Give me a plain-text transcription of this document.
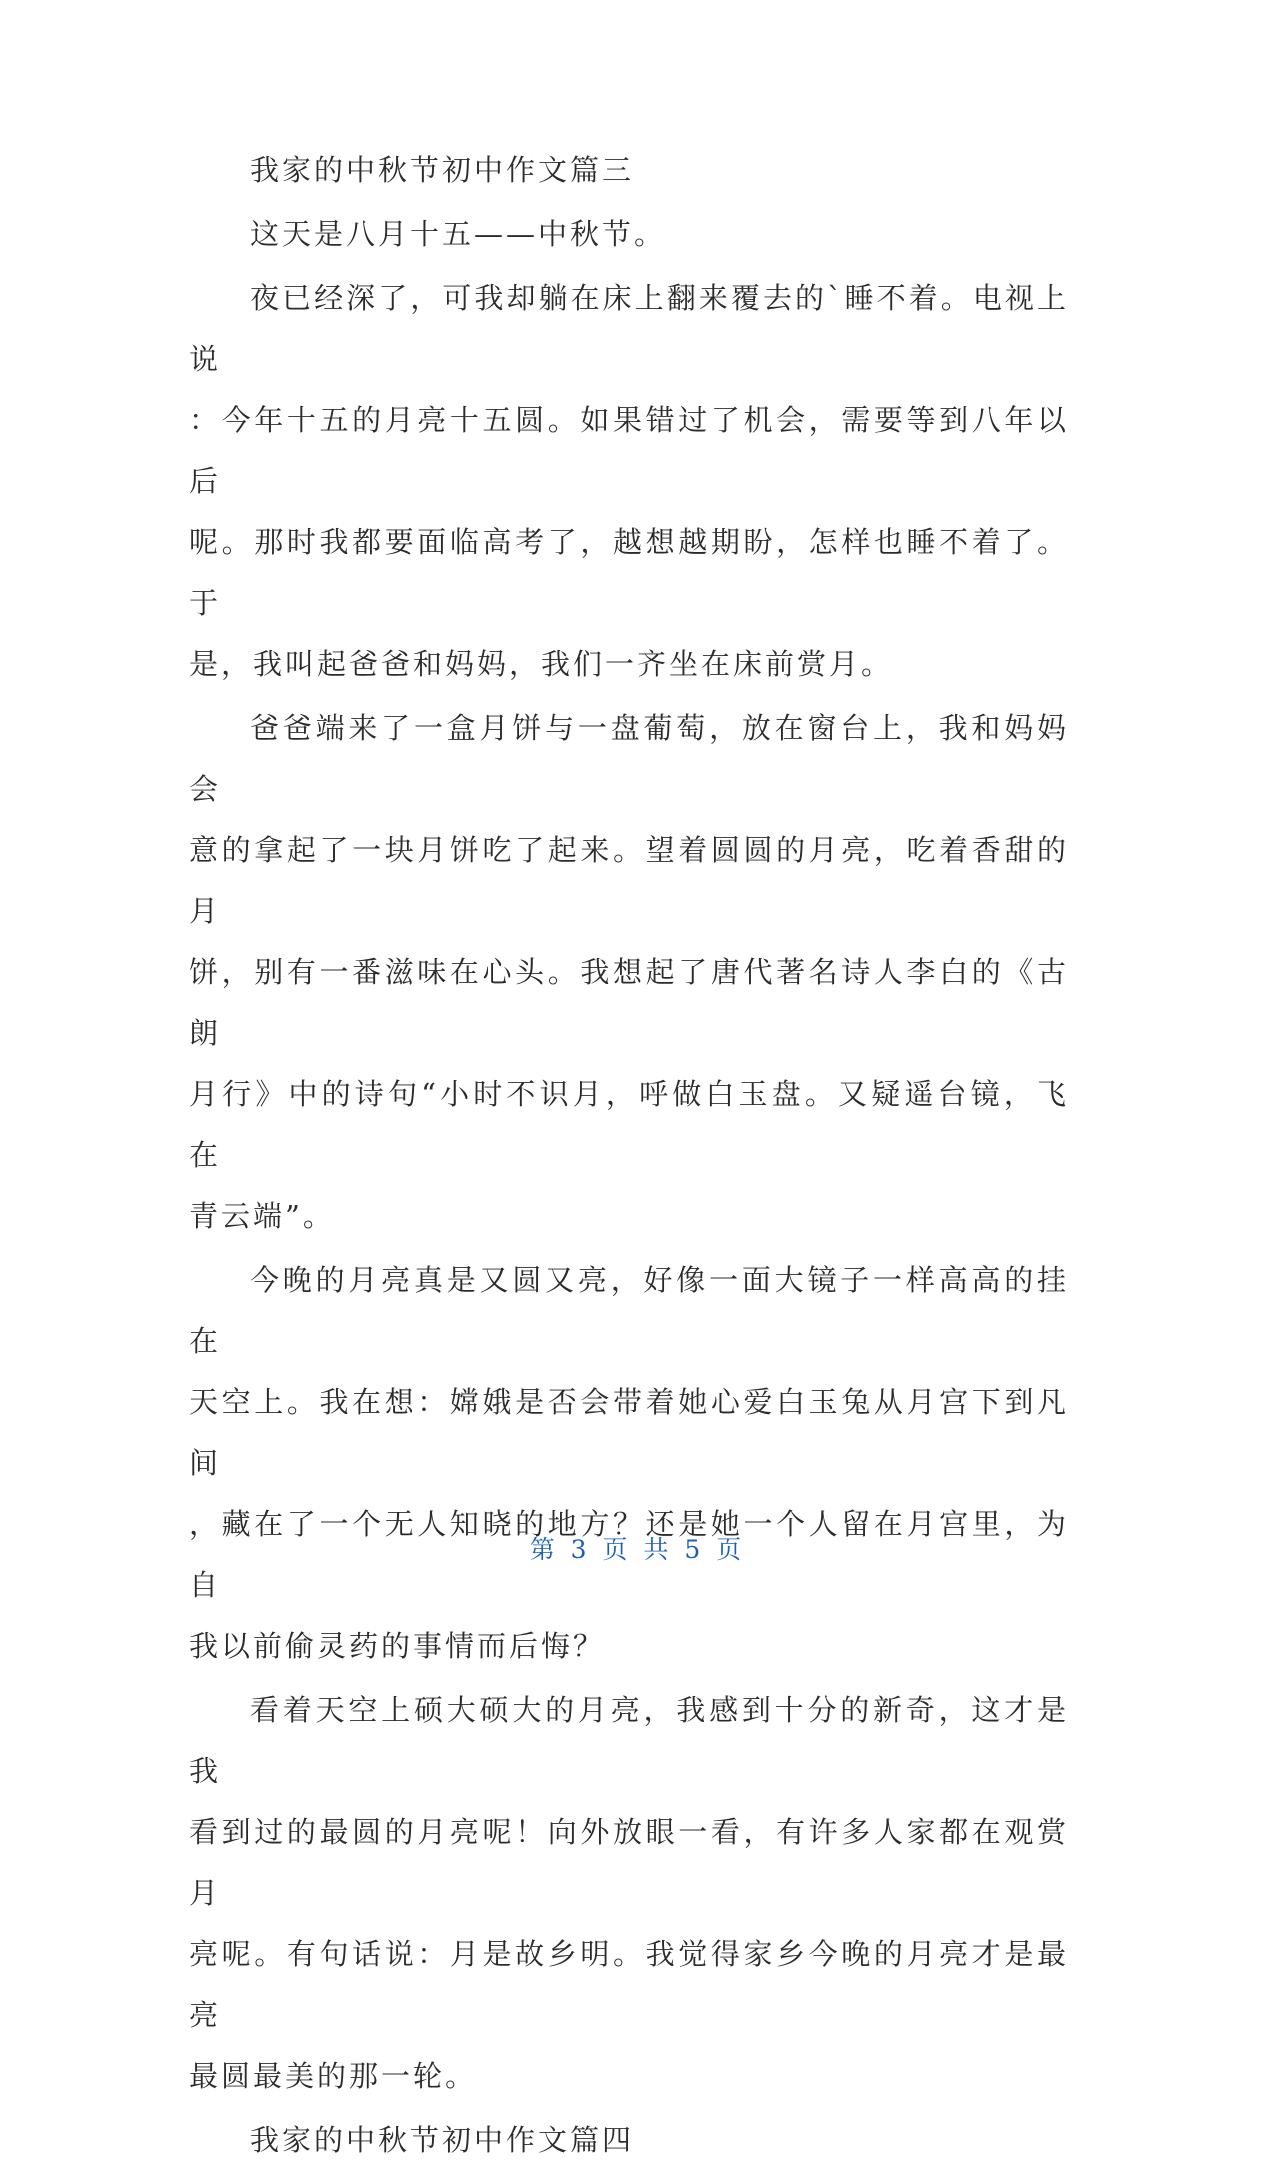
我家的中秋节初中作文篇三

这天是八月十五——中秋节。

夜已经深了，可我却躺在床上翻来覆去的`睡不着。电视上说
：今年十五的月亮十五圆。如果错过了机会，需要等到八年以后
呢。那时我都要面临高考了，越想越期盼，怎样也睡不着了。于
是，我叫起爸爸和妈妈，我们一齐坐在床前赏月。

爸爸端来了一盒月饼与一盘葡萄，放在窗台上，我和妈妈会
意的拿起了一块月饼吃了起来。望着圆圆的月亮，吃着香甜的月
饼，别有一番滋味在心头。我想起了唐代著名诗人李白的《古朗
月行》中的诗句“小时不识月，呼做白玉盘。又疑遥台镜，飞在
青云端”。

今晚的月亮真是又圆又亮，好像一面大镜子一样高高的挂在
天空上。我在想：嫦娥是否会带着她心爱白玉兔从月宫下到凡间
，藏在了一个无人知晓的地方？还是她一个人留在月宫里，为自
我以前偷灵药的事情而后悔？

看着天空上硕大硕大的月亮，我感到十分的新奇，这才是我
看到过的最圆的月亮呢！向外放眼一看，有许多人家都在观赏月
亮呢。有句话说：月是故乡明。我觉得家乡今晚的月亮才是最亮
最圆最美的那一轮。

我家的中秋节初中作文篇四

第 3 页 共 5 页
